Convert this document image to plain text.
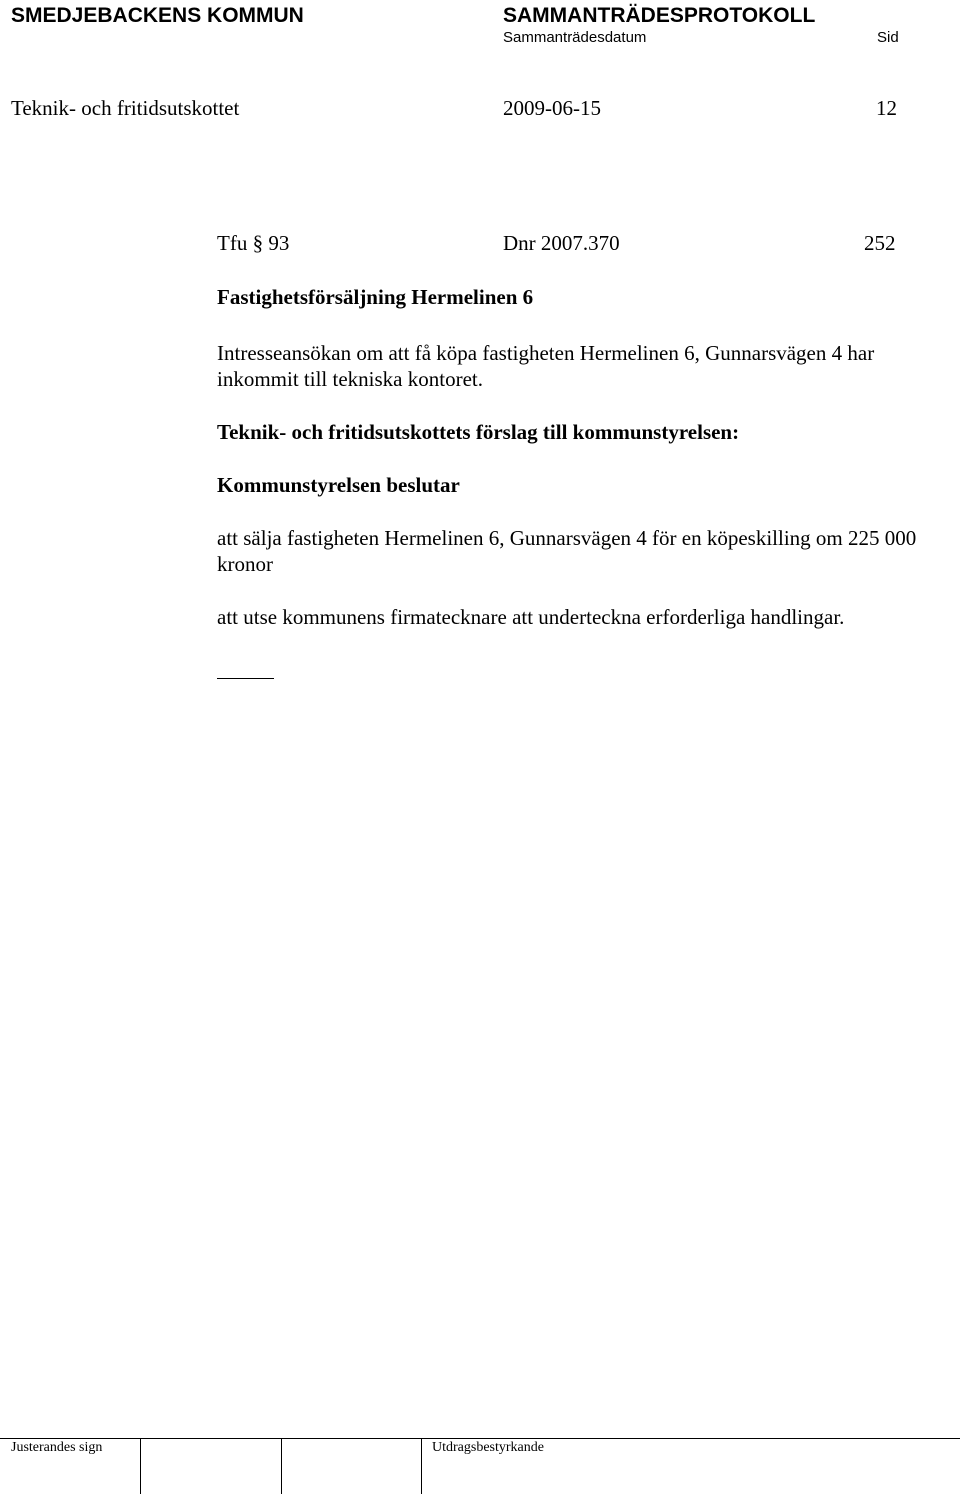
SMEDJEBACKENS KOMMUN	SAMMANTRÄDESPROTOKOLL
Sammanträdesdatum	Sid
Teknik- och fritidsutskottet	2009-06-15	12
Tfu § 93	Dnr 2007.370	252
Fastighetsförsäljning Hermelinen 6
Intresseansökan om att få köpa fastigheten Hermelinen 6, Gunnarsvägen 4 har inkommit till tekniska kontoret.
Teknik- och fritidsutskottets förslag till kommunstyrelsen:
Kommunstyrelsen beslutar
att sälja fastigheten Hermelinen 6, Gunnarsvägen 4 för en köpeskilling om 225 000 kronor
att utse kommunens firmatecknare att underteckna erforderliga handlingar.
Justerandes sign	Utdragsbestyrkande
